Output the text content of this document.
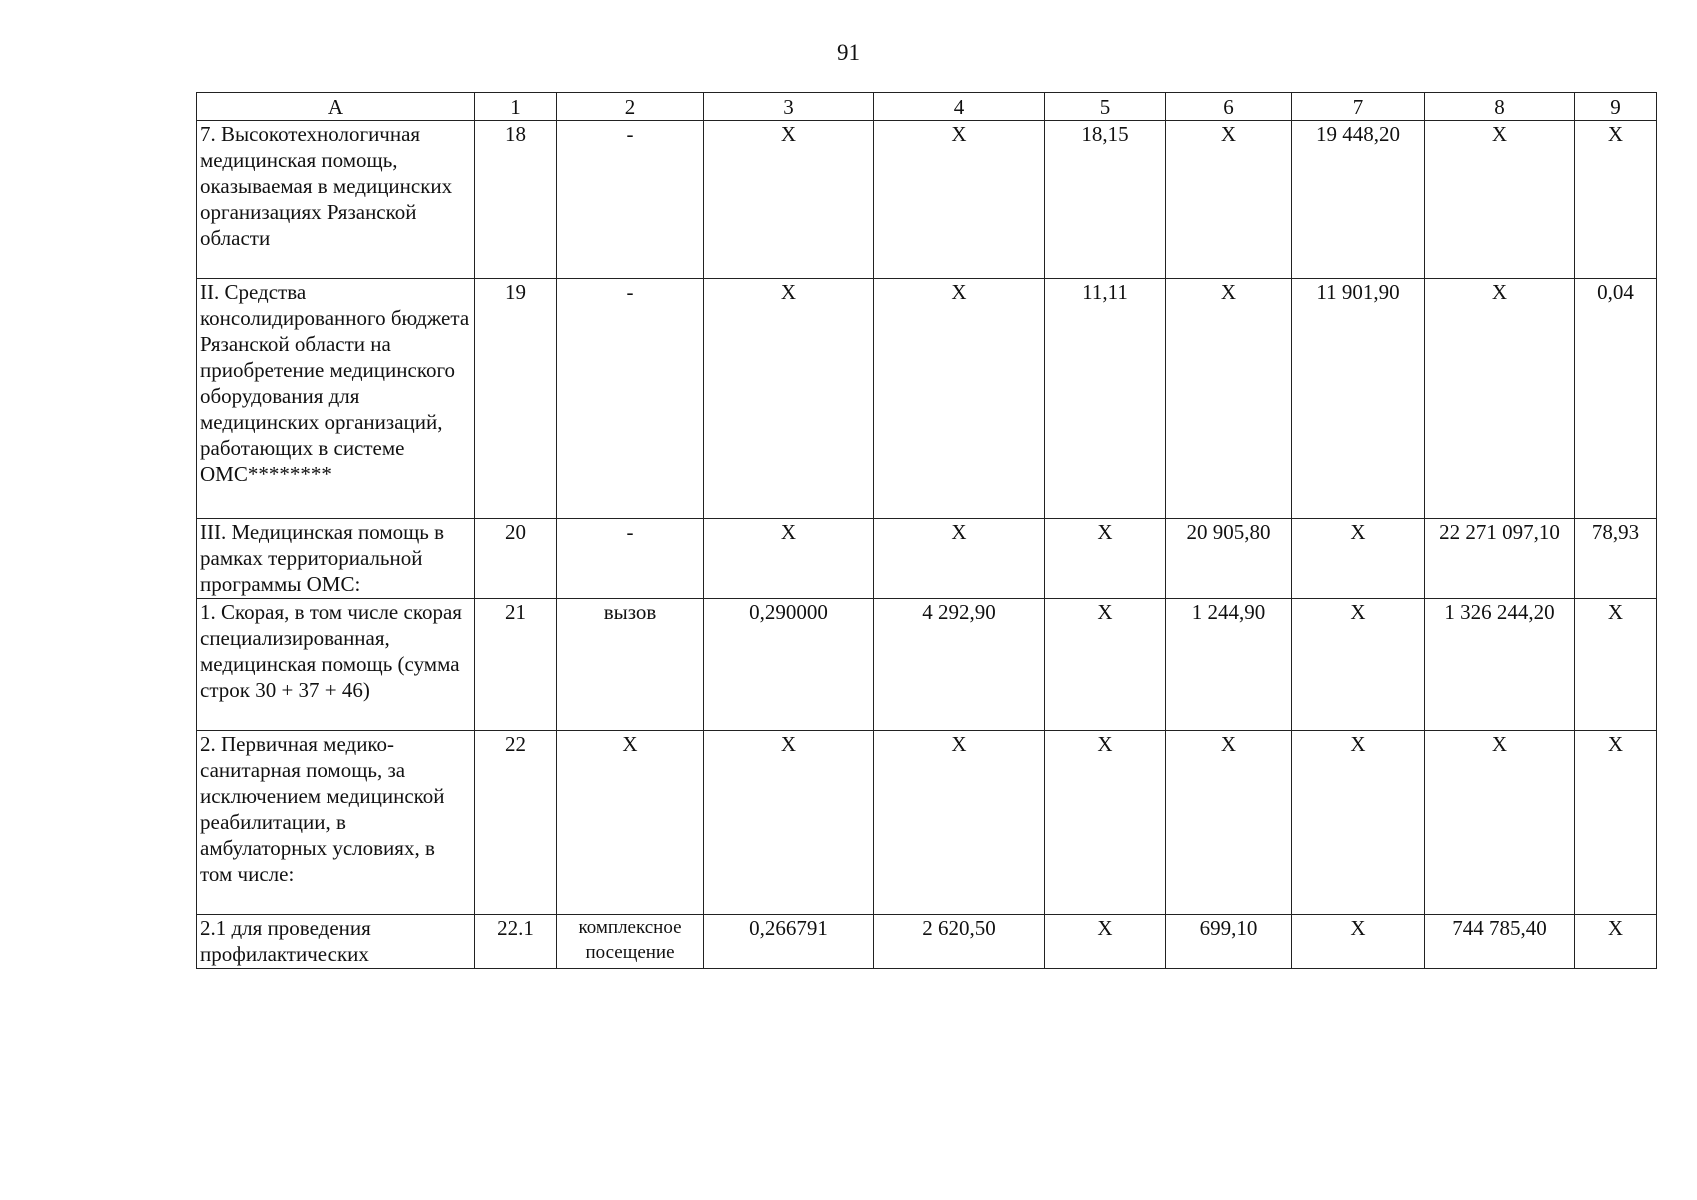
91
А	1	2	3	4	5	6	7	8	9
7. Высокотехнологичная медицинская помощь, оказываемая в медицинских организациях Рязанской области	18	-	Х	Х	18,15	Х	19 448,20	Х	Х
II. Средства консолидированного бюджета Рязанской области на приобретение медицинского оборудования для медицинских организаций, работающих в системе ОМС********	19	-	Х	Х	11,11	Х	11 901,90	Х	0,04
III. Медицинская помощь в рамках территориальной программы ОМС:	20	-	Х	Х	Х	20 905,80	Х	22 271 097,10	78,93
1. Скорая, в том числе скорая специализированная, медицинская помощь (сумма строк 30 + 37 + 46)	21	вызов	0,290000	4 292,90	Х	1 244,90	Х	1 326 244,20	Х
2. Первичная медико-санитарная помощь, за исключением медицинской реабилитации, в амбулаторных условиях, в том числе:	22	Х	Х	Х	Х	Х	Х	Х	Х
2.1 для проведения профилактических	22.1	комплексное посещение	0,266791	2 620,50	Х	699,10	Х	744 785,40	Х
